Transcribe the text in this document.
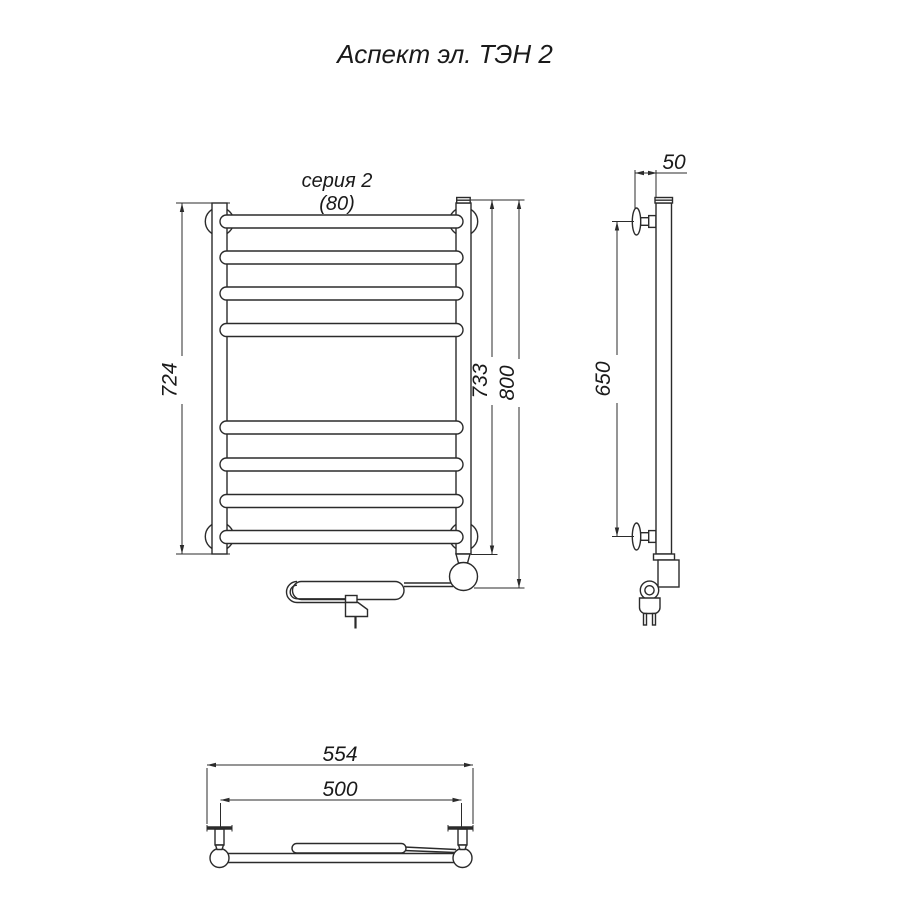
Аспект эл. ТЭН 2
серия 2
(80)
724	733 800
50
650
554
500
